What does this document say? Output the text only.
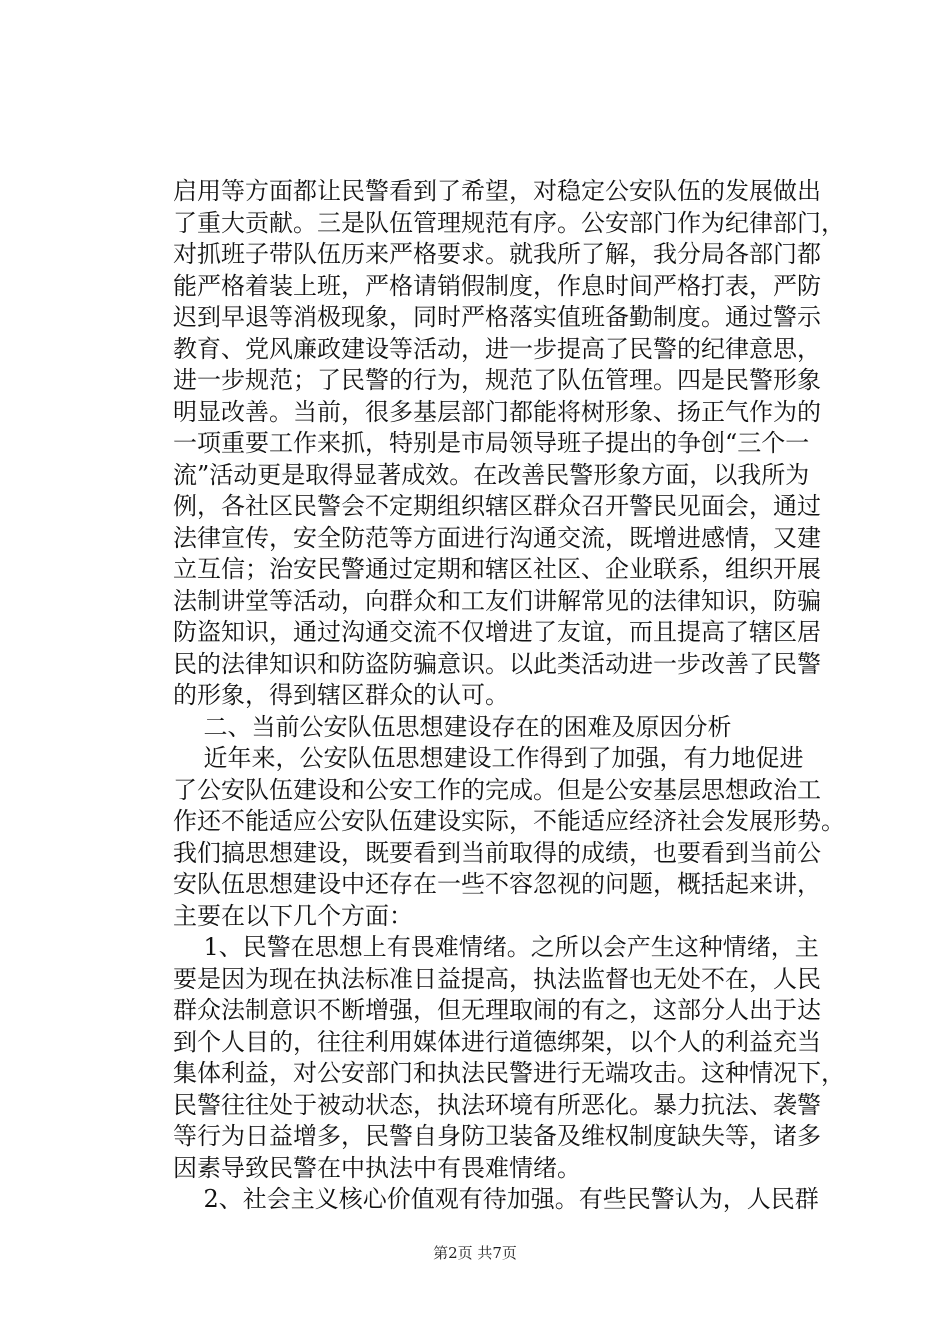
启用等方面都让民警看到了希望，对稳定公安队伍的发展做出
了重大贡献。三是队伍管理规范有序。公安部门作为纪律部门，
对抓班子带队伍历来严格要求。就我所了解，我分局各部门都
能严格着装上班，严格请销假制度，作息时间严格打表，严防
迟到早退等消极现象，同时严格落实值班备勤制度。通过警示
教育、党风廉政建设等活动，进一步提高了民警的纪律意思，
进一步规范；了民警的行为，规范了队伍管理。四是民警形象
明显改善。当前，很多基层部门都能将树形象、扬正气作为的
一项重要工作来抓，特别是市局领导班子提出的争创“三个一
流”活动更是取得显著成效。在改善民警形象方面，以我所为
例，各社区民警会不定期组织辖区群众召开警民见面会，通过
法律宣传，安全防范等方面进行沟通交流，既增进感情，又建
立互信；治安民警通过定期和辖区社区、企业联系，组织开展
法制讲堂等活动，向群众和工友们讲解常见的法律知识，防骗
防盗知识，通过沟通交流不仅增进了友谊，而且提高了辖区居
民的法律知识和防盗防骗意识。以此类活动进一步改善了民警
的形象，得到辖区群众的认可。
二、当前公安队伍思想建设存在的困难及原因分析
近年来，公安队伍思想建设工作得到了加强，有力地促进
了公安队伍建设和公安工作的完成。但是公安基层思想政治工
作还不能适应公安队伍建设实际，不能适应经济社会发展形势。
我们搞思想建设，既要看到当前取得的成绩，也要看到当前公
安队伍思想建设中还存在一些不容忽视的问题，概括起来讲，
主要在以下几个方面：
1、民警在思想上有畏难情绪。之所以会产生这种情绪，主
要是因为现在执法标准日益提高，执法监督也无处不在，人民
群众法制意识不断增强，但无理取闹的有之，这部分人出于达
到个人目的，往往利用媒体进行道德绑架，以个人的利益充当
集体利益，对公安部门和执法民警进行无端攻击。这种情况下，
民警往往处于被动状态，执法环境有所恶化。暴力抗法、袭警
等行为日益增多，民警自身防卫装备及维权制度缺失等，诸多
因素导致民警在中执法中有畏难情绪。
2、社会主义核心价值观有待加强。有些民警认为，人民群
第2页 共7页
